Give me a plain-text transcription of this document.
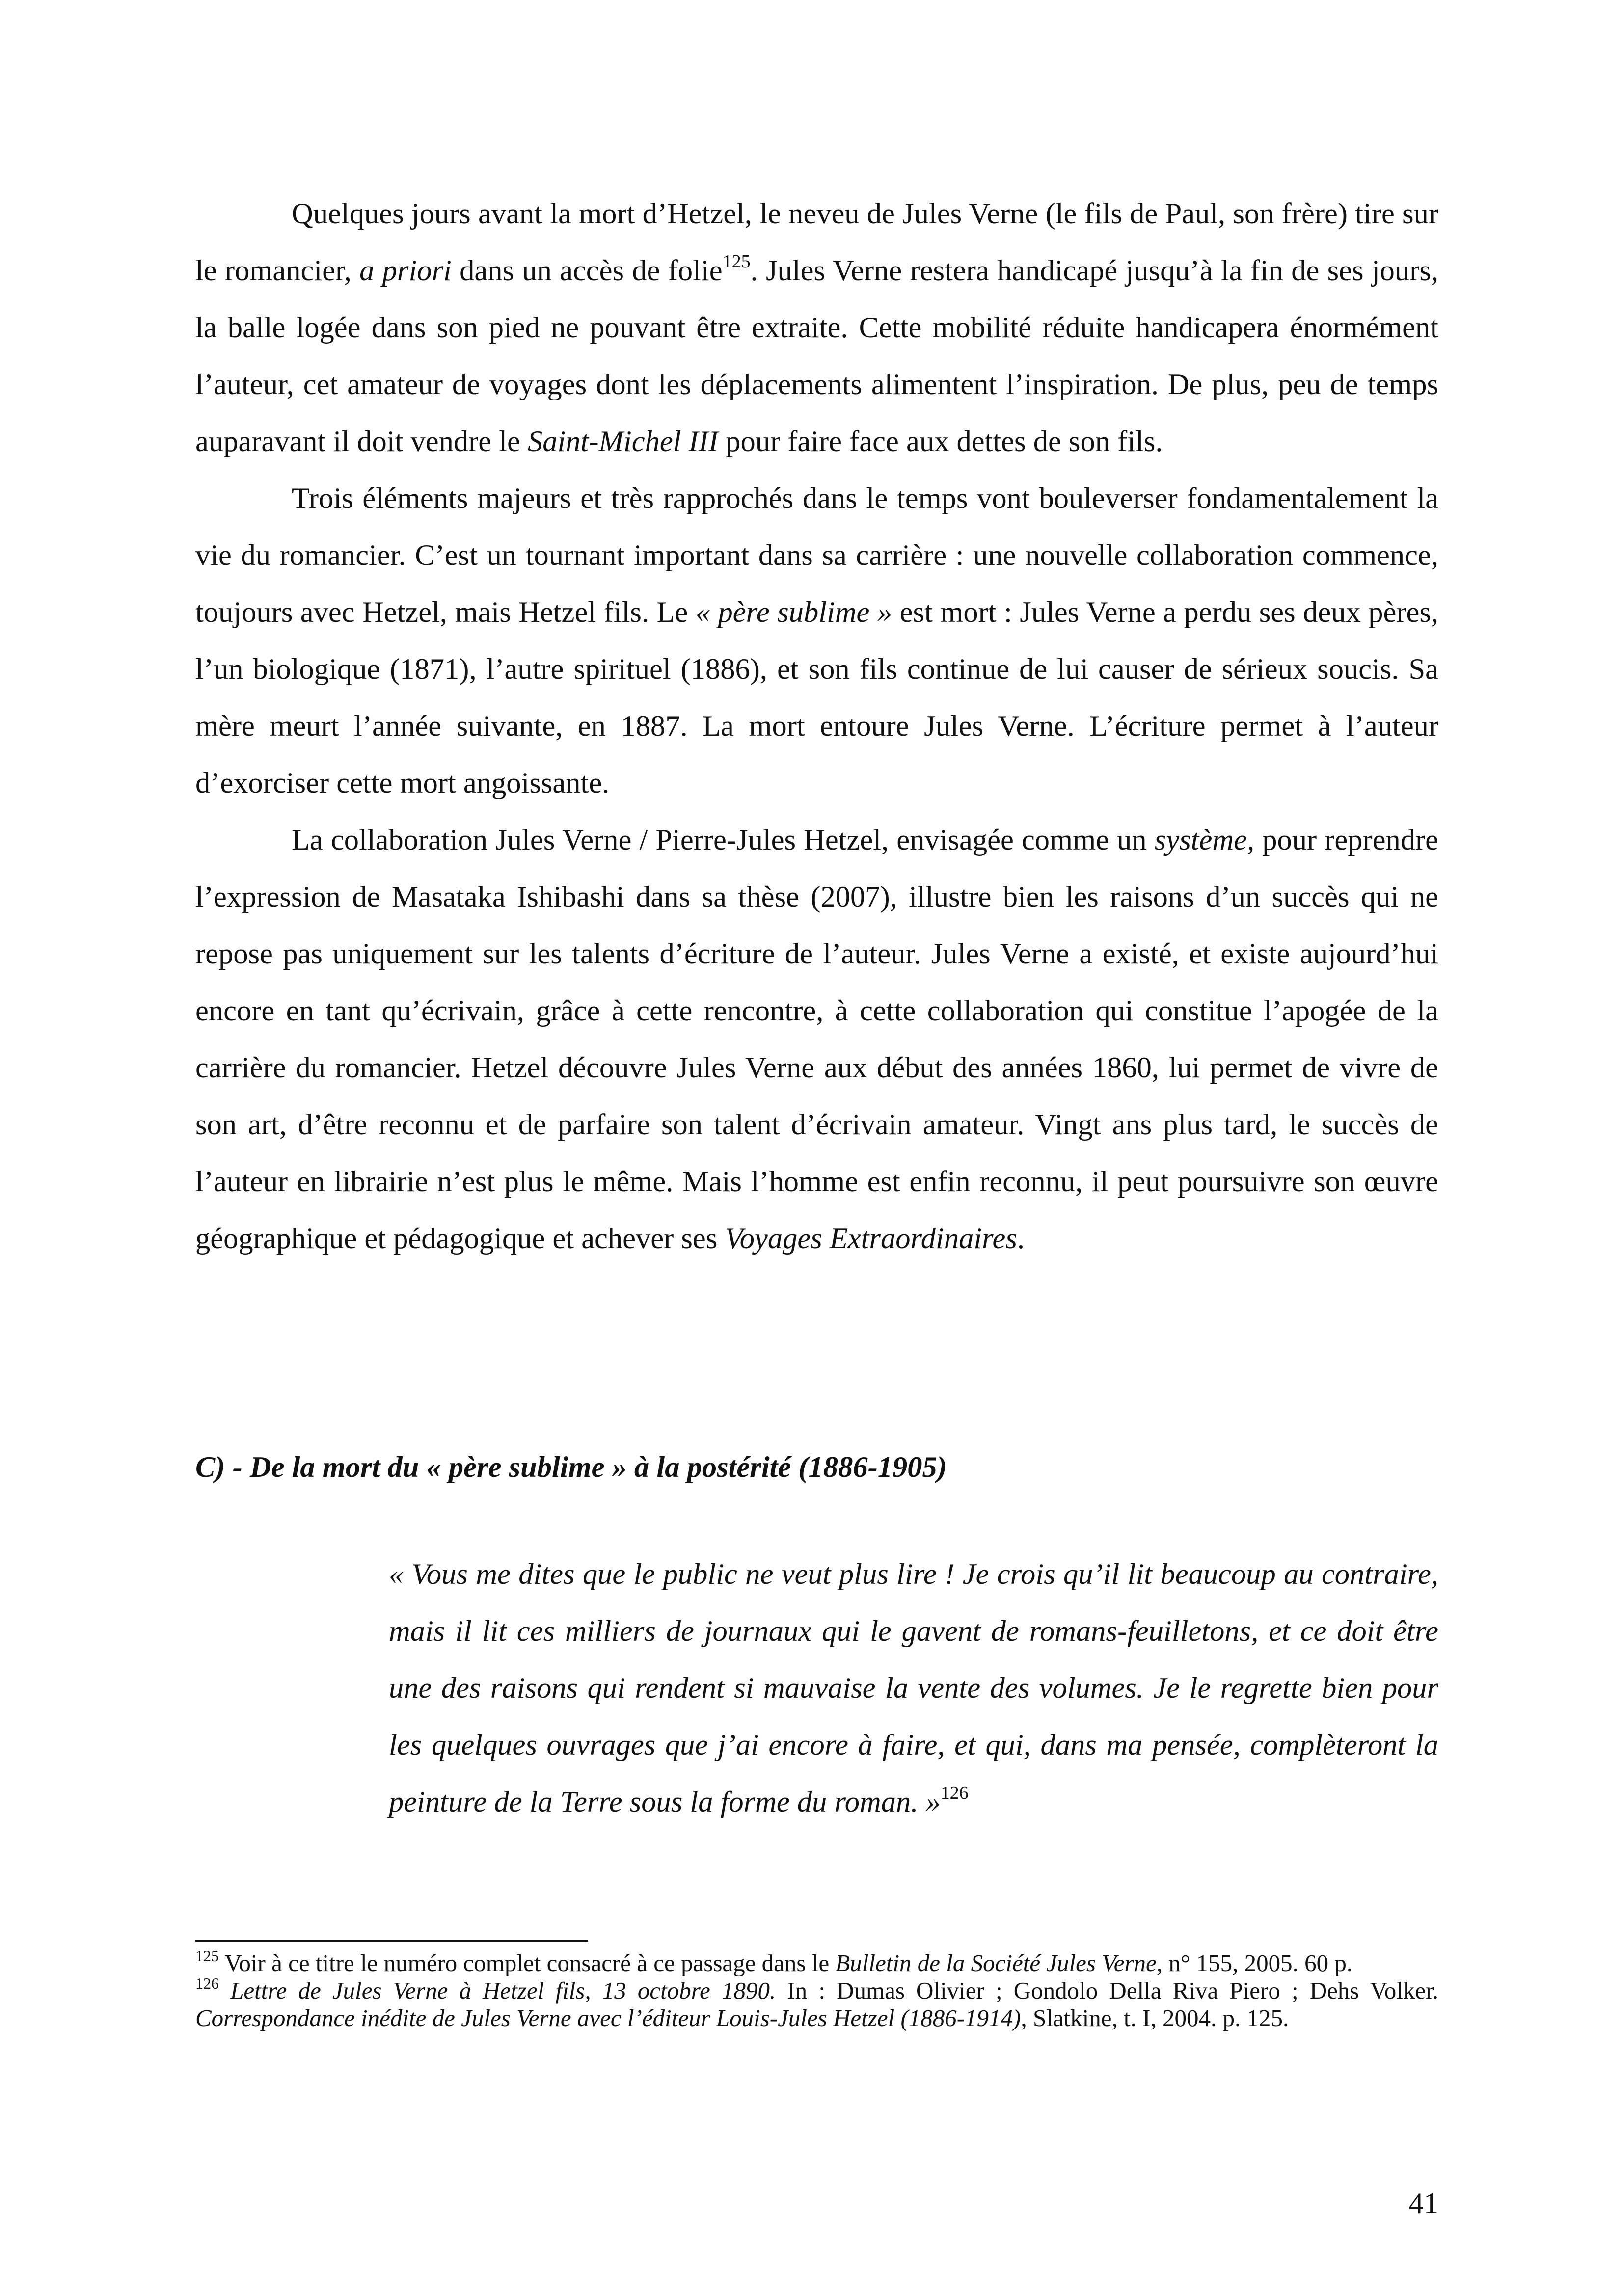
Quelques jours avant la mort d’Hetzel, le neveu de Jules Verne (le fils de Paul, son frère) tire sur le romancier, a priori dans un accès de folie$^{125}$. Jules Verne restera handicapé jusqu’à la fin de ses jours, la balle logée dans son pied ne pouvant être extraite. Cette mobilité réduite handicapera énormément l’auteur, cet amateur de voyages dont les déplacements alimentent l’inspiration. De plus, peu de temps auparavant il doit vendre le Saint-Michel III pour faire face aux dettes de son fils.

Trois éléments majeurs et très rapprochés dans le temps vont bouleverser fondamentalement la vie du romancier. C’est un tournant important dans sa carrière : une nouvelle collaboration commence, toujours avec Hetzel, mais Hetzel fils. Le « père sublime » est mort : Jules Verne a perdu ses deux pères, l’un biologique (1871), l’autre spirituel (1886), et son fils continue de lui causer de sérieux soucis. Sa mère meurt l’année suivante, en 1887. La mort entoure Jules Verne. L’écriture permet à l’auteur d’exorciser cette mort angoissante.

La collaboration Jules Verne / Pierre-Jules Hetzel, envisagée comme un système, pour reprendre l’expression de Masataka Ishibashi dans sa thèse (2007), illustre bien les raisons d’un succès qui ne repose pas uniquement sur les talents d’écriture de l’auteur. Jules Verne a existé, et existe aujourd’hui encore en tant qu’écrivain, grâce à cette rencontre, à cette collaboration qui constitue l’apogée de la carrière du romancier. Hetzel découvre Jules Verne aux début des années 1860, lui permet de vivre de son art, d’être reconnu et de parfaire son talent d’écrivain amateur. Vingt ans plus tard, le succès de l’auteur en librairie n’est plus le même. Mais l’homme est enfin reconnu, il peut poursuivre son œuvre géographique et pédagogique et achever ses Voyages Extraordinaires.

C) - De la mort du « père sublime » à la postérité (1886-1905)

« Vous me dites que le public ne veut plus lire ! Je crois qu’il lit beaucoup au contraire, mais il lit ces milliers de journaux qui le gavent de romans-feuilletons, et ce doit être une des raisons qui rendent si mauvaise la vente des volumes. Je le regrette bien pour les quelques ouvrages que j’ai encore à faire, et qui, dans ma pensée, complèteront la peinture de la Terre sous la forme du roman. »$^{126}$

$^{125}$ Voir à ce titre le numéro complet consacré à ce passage dans le Bulletin de la Société Jules Verne, n° 155, 2005. 60 p.

$^{126}$ Lettre de Jules Verne à Hetzel fils, 13 octobre 1890. In : Dumas Olivier ; Gondolo Della Riva Piero ; Dehs Volker. Correspondance inédite de Jules Verne avec l’éditeur Louis-Jules Hetzel (1886-1914), Slatkine, t. I, 2004. p. 125.

41
